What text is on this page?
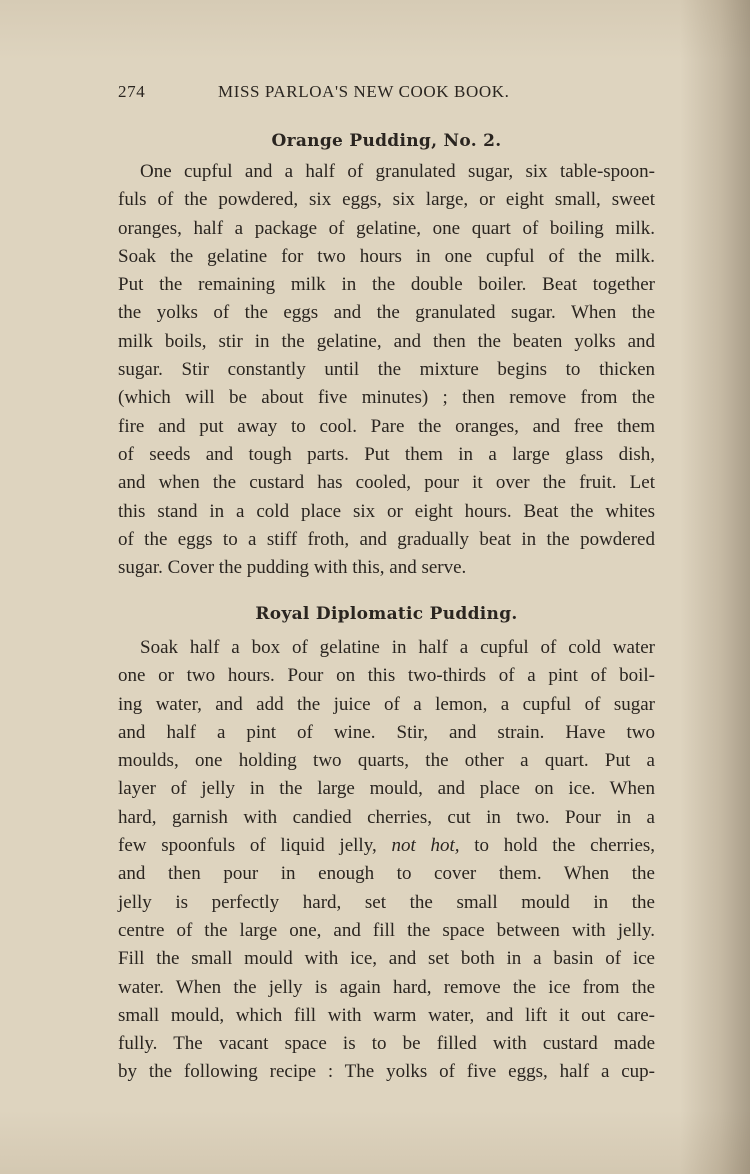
274	MISS PARLOA'S NEW COOK BOOK.
Orange Pudding, No. 2.
One cupful and a half of granulated sugar, six table-spoon-
fuls of the powdered, six eggs, six large, or eight small, sweet
oranges, half a package of gelatine, one quart of boiling milk.
Soak the gelatine for two hours in one cupful of the milk.
Put the remaining milk in the double boiler. Beat together
the yolks of the eggs and the granulated sugar. When the
milk boils, stir in the gelatine, and then the beaten yolks and
sugar. Stir constantly until the mixture begins to thicken
(which will be about five minutes) ; then remove from the
fire and put away to cool. Pare the oranges, and free them
of seeds and tough parts. Put them in a large glass dish,
and when the custard has cooled, pour it over the fruit. Let
this stand in a cold place six or eight hours. Beat the whites
of the eggs to a stiff froth, and gradually beat in the powdered
sugar. Cover the pudding with this, and serve.
Royal Diplomatic Pudding.
Soak half a box of gelatine in half a cupful of cold water
one or two hours. Pour on this two-thirds of a pint of boil-
ing water, and add the juice of a lemon, a cupful of sugar
and half a pint of wine. Stir, and strain. Have two
moulds, one holding two quarts, the other a quart. Put a
layer of jelly in the large mould, and place on ice. When
hard, garnish with candied cherries, cut in two. Pour in a
few spoonfuls of liquid jelly, not hot, to hold the cherries,
and then pour in enough to cover them. When the
jelly is perfectly hard, set the small mould in the
centre of the large one, and fill the space between with jelly.
Fill the small mould with ice, and set both in a basin of ice
water. When the jelly is again hard, remove the ice from the
small mould, which fill with warm water, and lift it out care-
fully. The vacant space is to be filled with custard made
by the following recipe : The yolks of five eggs, half a cup-
